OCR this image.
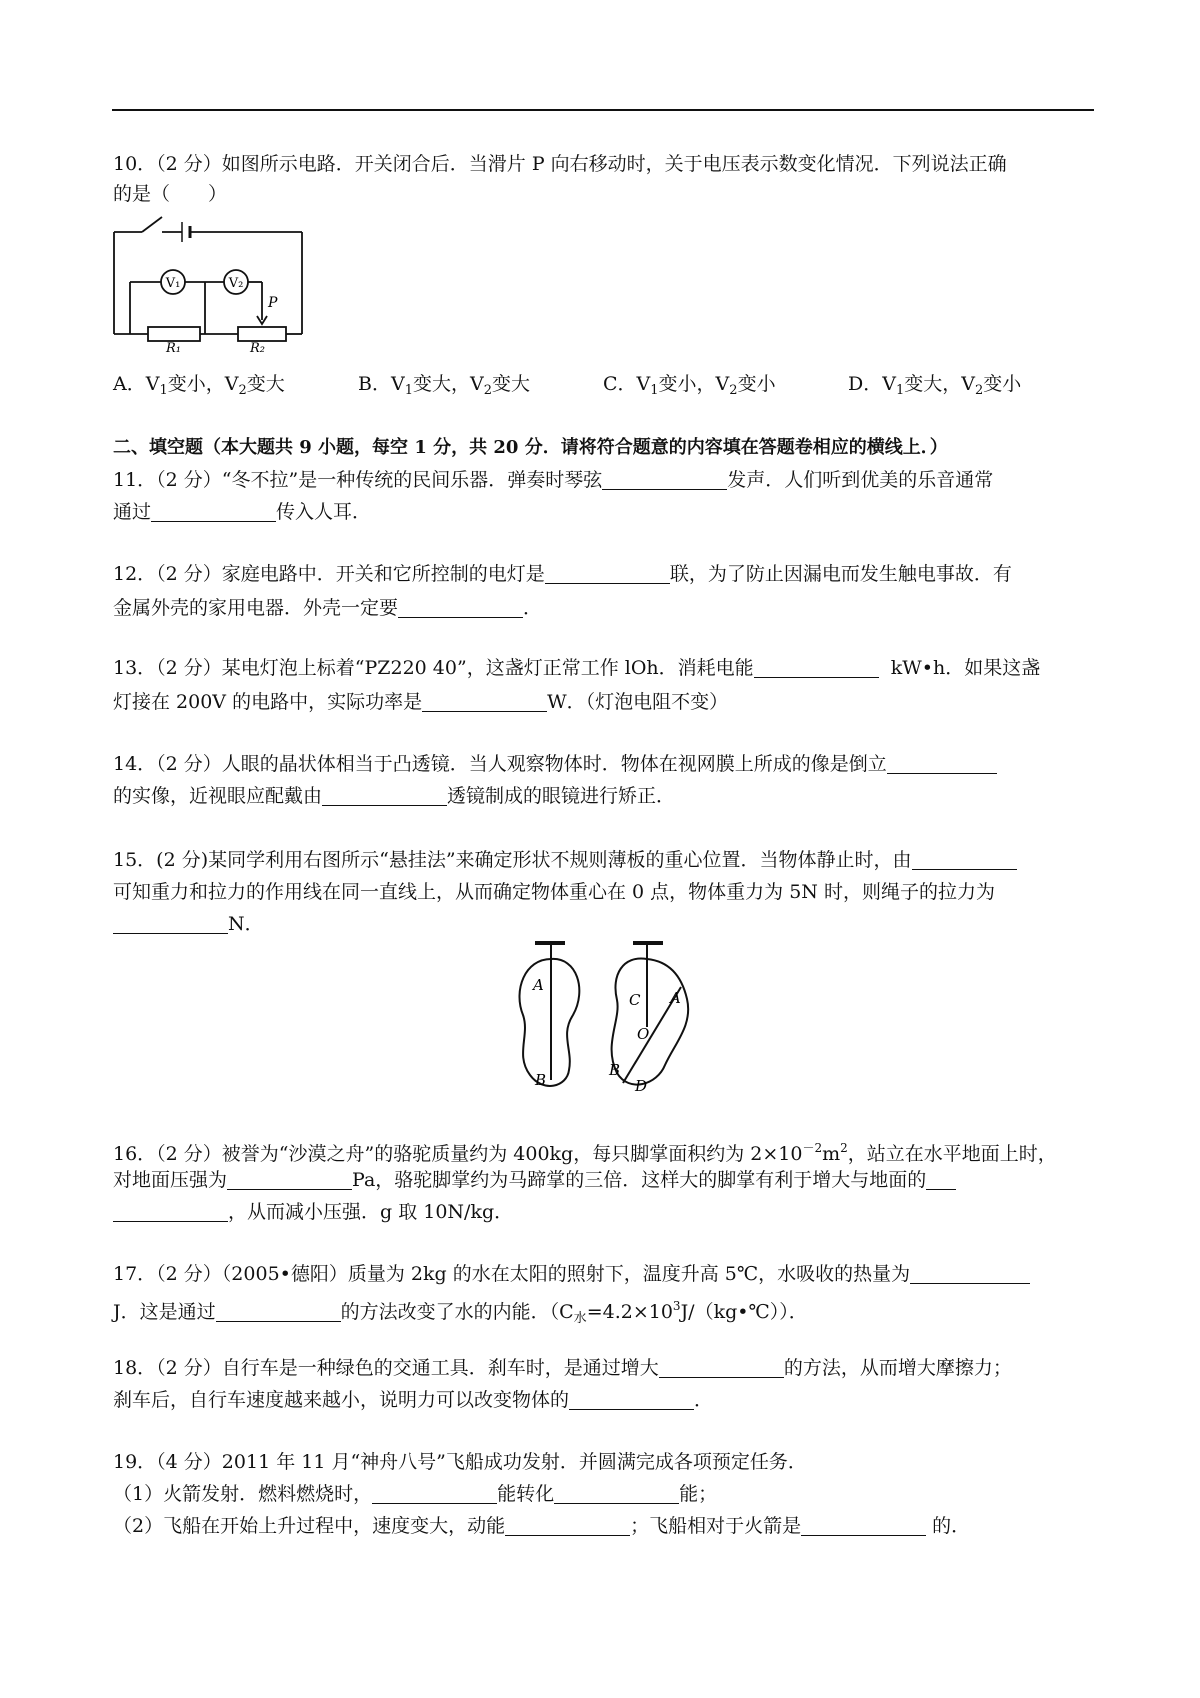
10．（2 分）如图所示电路．开关闭合后．当滑片 P 向右移动时，关于电压表示数变化情况．下列说法正确
的是（　　）
V₁	V₂
P
R₁	R₂
A．$V_1$变小，$V_2$变大	B．$V_1$变大，$V_2$变大	C．$V_1$变小，$V_2$变小	D．$V_1$变大，$V_2$变小
二、填空题（本大题共 9 小题，每空 1 分，共 20 分．请将符合题意的内容填在答题卷相应的横线上．）
11．（2 分）“冬不拉”是一种传统的民间乐器．弹奏时琴弦	发声．人们听到优美的乐音通常
通过	传入人耳．
12．（2 分）家庭电路中．开关和它所控制的电灯是	联，为了防止因漏电而发生触电事故．有
金属外壳的家用电器．外壳一定要	．
13．（2 分）某电灯泡上标着“PZ220 40”，这盏灯正常工作 lOh．消耗电能	kW•h．如果这盏
灯接在 200V 的电路中，实际功率是	W．（灯泡电阻不变）
14．（2 分）人眼的晶状体相当于凸透镜．当人观察物体时．物体在视网膜上所成的像是倒立
的实像，近视眼应配戴由	透镜制成的眼镜进行矫正．
15．(2 分)某同学利用右图所示“悬挂法”来确定形状不规则薄板的重心位置．当物体静止时，由
可知重力和拉力的作用线在同一直线上，从而确定物体重心在 0 点，物体重力为 5N 时，则绳子的拉力为
N．
A
B
C A
O
B
D
16．（2 分）被誉为“沙漠之舟”的骆驼质量约为 400kg，每只脚掌面积约为 $2\times 10^{-2}m^2$，站立在水平地面上时，
对地面压强为	Pa，骆驼脚掌约为马蹄掌的三倍．这样大的脚掌有利于增大与地面的
，从而减小压强．g 取 10N/kg．
17．（2 分）（2005•德阳）质量为 2kg 的水在太阳的照射下，温度升高 5℃，水吸收的热量为
J．这是通过	的方法改变了水的内能．$(C_水=4.2\times 10^3J/(kg•℃))$．
18．（2 分）自行车是一种绿色的交通工具．刹车时，是通过增大	的方法，从而增大摩擦力；
刹车后，自行车速度越来越小，说明力可以改变物体的	．
19．（4 分）2011 年 11 月“神舟八号”飞船成功发射．并圆满完成各项预定任务．
（1）火箭发射．燃料燃烧时，	能转化	能；
（2）飞船在开始上升过程中，速度变大，动能	；飞船相对于火箭是	的．
